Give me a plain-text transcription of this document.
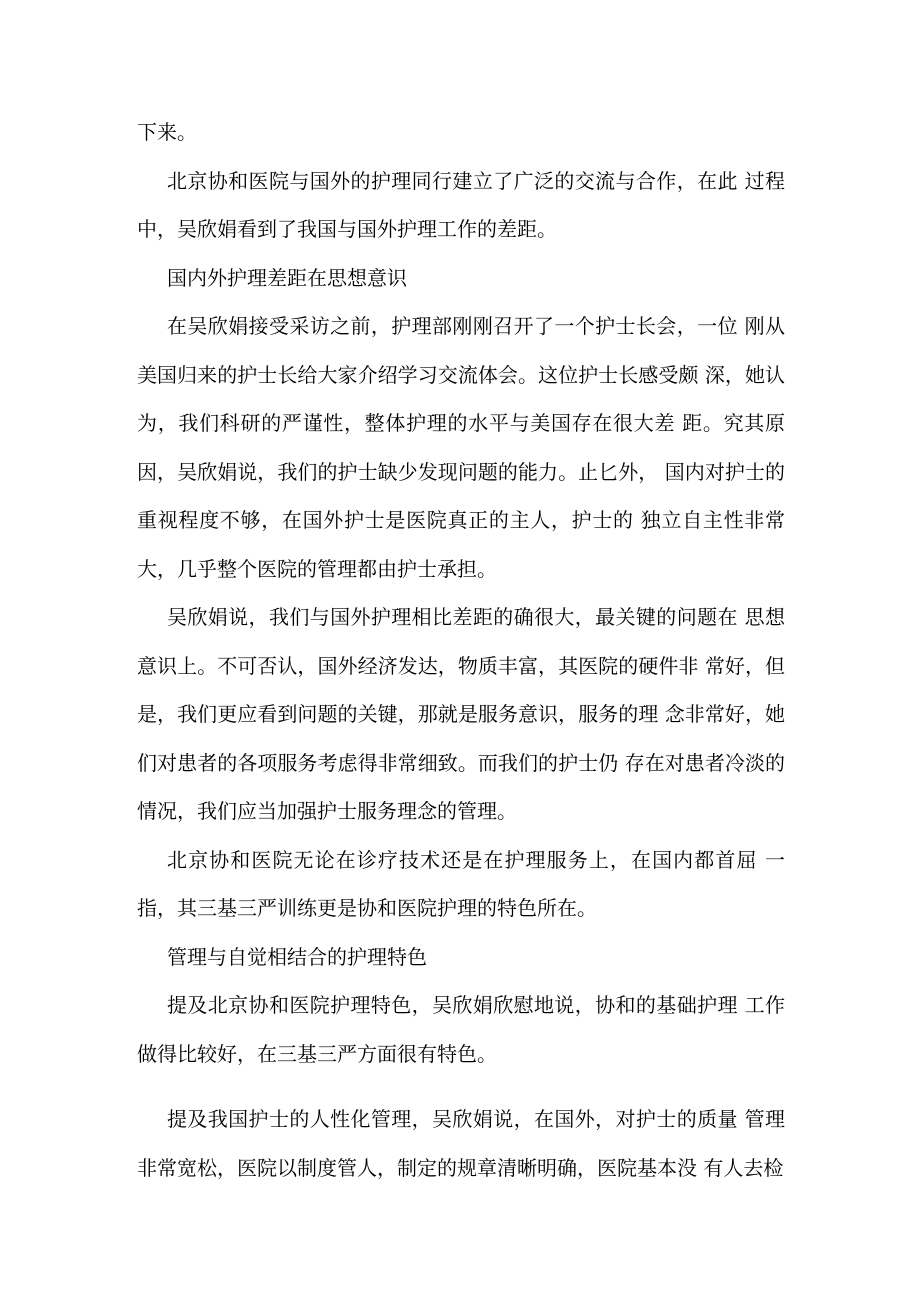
下来。

北京协和医院与国外的护理同行建立了广泛的交流与合作，在此 过程中，吴欣娟看到了我国与国外护理工作的差距。

国内外护理差距在思想意识

在吴欣娟接受采访之前，护理部刚刚召开了一个护士长会，一位 刚从美国归来的护士长给大家介绍学习交流体会。这位护士长感受颇 深，她认为，我们科研的严谨性，整体护理的水平与美国存在很大差 距。究其原因，吴欣娟说，我们的护士缺少发现问题的能力。止匕外， 国内对护士的重视程度不够，在国外护士是医院真正的主人，护士的 独立自主性非常大，几乎整个医院的管理都由护士承担。

吴欣娟说，我们与国外护理相比差距的确很大，最关键的问题在 思想意识上。不可否认，国外经济发达，物质丰富，其医院的硬件非 常好，但是，我们更应看到问题的关键，那就是服务意识，服务的理 念非常好，她们对患者的各项服务考虑得非常细致。而我们的护士仍 存在对患者冷淡的情况，我们应当加强护士服务理念的管理。

北京协和医院无论在诊疗技术还是在护理服务上，在国内都首屈 一指，其三基三严训练更是协和医院护理的特色所在。

管理与自觉相结合的护理特色

提及北京协和医院护理特色，吴欣娟欣慰地说，协和的基础护理 工作做得比较好，在三基三严方面很有特色。

提及我国护士的人性化管理，吴欣娟说，在国外，对护士的质量 管理非常宽松，医院以制度管人，制定的规章清晰明确，医院基本没 有人去检
